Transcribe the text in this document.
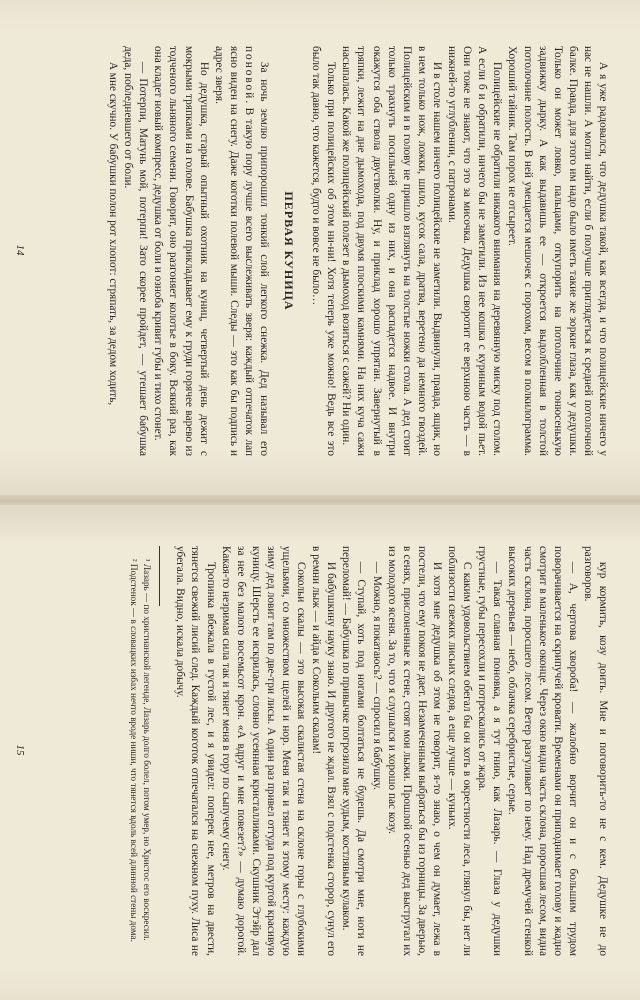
А я уже радовался, что дедушка такой, как всегда, и что полицейские ничего у нас не нашли. А могли найти, если б получше приглядеться к средней потолочной балке. Правда, для этого им надо было иметь такие же зоркие глаза, как у дедушки. Только он может ловко, пальцами, откупорить на потолочине тонюсенькую задвижку дырку. А как выдавишь ее — откроется выдолбленная в толстой потолочине полость. В ней умещается мешочек с порохом, весом в полкилограмма. Хороший тайник. Там порох не отсыреет.

Полицейские не обратили никакого внимания на деревянную миску под столом. А если б и обратили, ничего бы не заметили. Из нее кошка с куриным водой пьет. Они тоже не знают, что это за мисочка. Дедушка своротит ее верхнюю часть — в нижней-то углублении, с патронами.

И в столе нашем ничего полицейские не заметили. Выдвинули, правда, ящик, но в нем только нож, ложки, шило, кусок сала, дратва, веретено да немного гвоздей. Полицейским и в голову не пришло взглянуть на толстые ножки стола. А дед стоит только трахнуть посильней одну из них, и она распадется надвое. И внутри окажутся оба ствола двустволки. Ну, и приклад хорошо упрятан. Завернутый в тряпки, лежит на дне дымохода, под двумя плоскими камнями. На них куча сажи насыпалась. Какой же полицейский полезет в дымоход возиться с сажей? Ни один.

Только при полицейских об этом ни-ни! Хотя теперь уже можно! Ведь все это было так давно, что кажется, будто и вовсе не было…

ПЕРВАЯ КУНИЦА

За ночь землю припорошил тонкий слой легкого снежка. Дед называл его поновой. В такую пору лучше всего выслеживать зверя: каждый отпечаток лап ясно виден на снегу. Даже коготки полевой мыши. Следы — это как бы подпись и адрес зверя.

Но дедушка, старый опытный охотник на куниц, четвертый день дежит с мокрыми тряпками на голове. Бабушка прикладывает ему к груди горячее варево из тодченого льняного семени. Говорит, оно разгоняет колотье в боку. Всякий раз, как она кладет новый компресс, дедушка от боли и озноба кривит губы и тихо стонет.

— Потерпи, Матунь мой, потерпи! Зато скорее пройдет, — утешает бабушка деда, побледневшего от боли.

А мне скучно. У бабушки полон рот хлопот: стряпать, за дедом ходить,

14

кур кормить, козу доить. Мне и поговорить-то не с кем. Дедушке не до разговоров.

— А, чертова хвороба! — жалобно ворчит он и с большим трудом поворачивается на скрипучей кровати. Временами он приподнимает голову и жадно смотрит в маленькое оконце. Через окно видна часть склона, поросшая лесом, видна часть склона, поросшего лесом. Ветер разгуливает по нему. Над дремучей стенкой высоких деревьев — небо, облачка серебристые, серые.

— Такая славная поновка, а я тут гнию, как Лазарь. — Глаза у дедушки грустные, губы пересохли и потрескались от жара.

С каким удовольствием обегал бы он хоть в окрестности леса, глянул бы, нет ли поблизости свежих лисьих следов, а еще лучше — куньих.

И хотя мне дедушка об этом не говорит, я-то знаю, о чем он думает, лежа в постели, что ему покоя не дает. Незамеченным выбраться бы из горницы. За дверью, в сенях, прислоненные к стене, стоят мои лыжи. Прошлой осенью дед выстругал их из молодого ясеня. За то, что я слушался и хорошо пас козу.

— Можно, я покатаюсь? — спросил я бабушку.

— Ступай, хоть под ногами болтаться не будешь. Да смотри мне, ноги не переломай! — Бабушка по привычке погрозила мне худым, костлявым кулаком.

И бабушкину науку знаю. И другого не ждал. Взял с подстенка сторор, сунул его в ремни лыж — и айда к Сокольим скалам!

Сокольи скалы — это высокая скалистая стена на склоне горы с глубокими ущельями, со множеством щелей и нор. Меня так и тянет к этому месту: каждую зиму дед ловит там по две-три лисы. А один раз привел оттуда под куртой красивую куницу. Шерсть ее искрилась, словно усеянная кристалликами. Скушник Этэйр дал за нее без малого восемьсот крон. «А вдруг и мне повезет?» — думаю дорогой. Какая-то незримая сила так и тянет меня в гору по сыпучему снегу.

Тропинка вбежала в густой лес, и я увидел: поперек нее, метров на двести, тянется свежий лисий след. Каждый коготок отпечатался на снежном пуху. Лиса не убегала. Видно, искала добычу.

¹ Лазарь — по христианской легенде, Лазарь долго болел, потом умер, но Христос его воскресил.

² Подстенок — в словацких избах нечто вроде ниши, что тянется вдоль всей длинной стены дома.

15
